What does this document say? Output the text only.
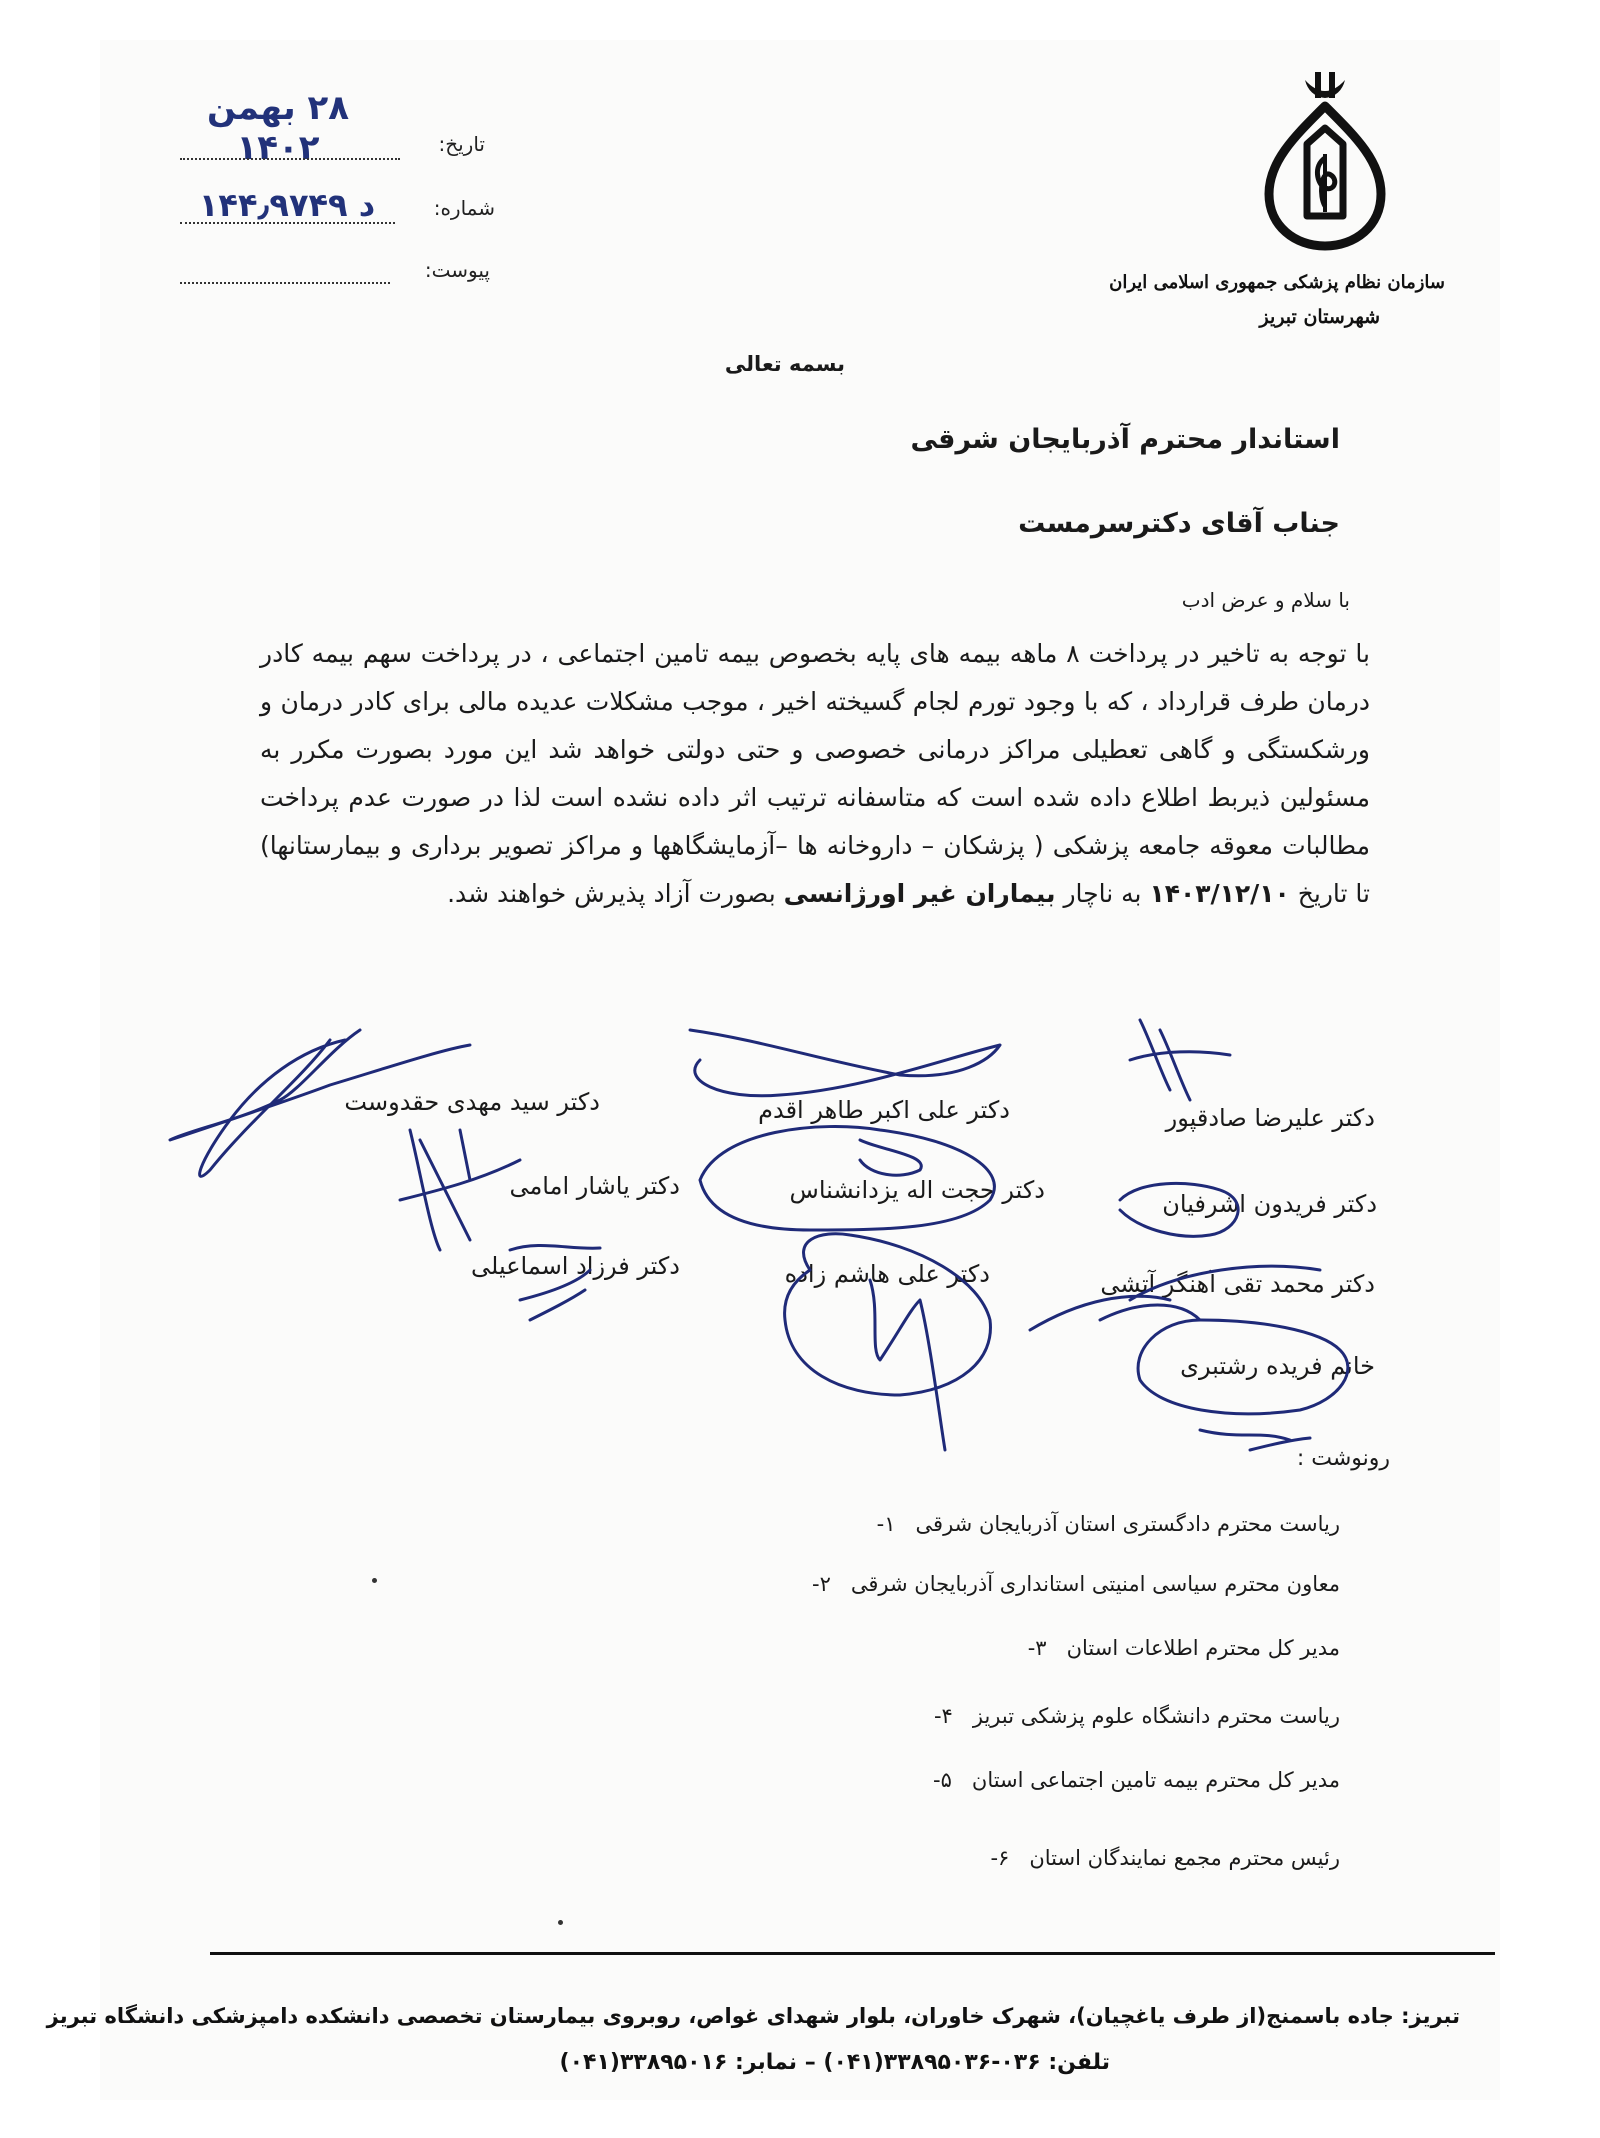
۲۸ بهمن ۱۴۰۲	تاریخ:
د ۱۴۴٫۹۷۴۹	شماره:
پیوست:
سازمان نظام پزشکی جمهوری اسلامی ایران
شهرستان تبریز
بسمه تعالی
استاندار محترم آذربایجان شرقی
جناب آقای دکترسرمست
با سلام و عرض ادب
با توجه به تاخیر در پرداخت ۸ ماهه بیمه های پایه بخصوص بیمه تامین اجتماعی ، در پرداخت سهم بیمه کادر درمان طرف قرارداد ، که با وجود تورم لجام گسیخته اخیر ، موجب مشکلات عدیده مالی برای کادر درمان و ورشکستگی و گاهی تعطیلی مراکز درمانی خصوصی و حتی دولتی خواهد شد این مورد بصورت مکرر به مسئولین ذیربط اطلاع داده شده است که متاسفانه ترتیب اثر داده نشده است لذا در صورت عدم پرداخت مطالبات معوقه جامعه پزشکی ( پزشکان – داروخانه ها –آزمایشگاهها و مراکز تصویر برداری و بیمارستانها) تا تاریخ ۱۴۰۳/۱۲/۱۰ به ناچار بیماران غیر اورژانسی بصورت آزاد پذیرش خواهند شد.
دکتر علیرضا صادقپور
دکتر فریدون اشرفیان
دکتر محمد تقی آهنگر آتشی
خانم فریده رشتبری
دکتر علی اکبر طاهر اقدم
دکتر حجت اله یزدانشناس
دکتر علی هاشم زاده
دکتر سید مهدی حقدوست
دکتر یاشار امامی
دکتر فرزاد اسماعیلی
رونوشت :
ریاست محترم دادگستری استان آذربایجان شرقی   ۱-
معاون محترم سیاسی امنیتی استانداری آذربایجان شرقی   ۲-
مدیر کل محترم اطلاعات استان   ۳-
ریاست محترم دانشگاه علوم پزشکی تبریز   ۴-
مدیر کل محترم بیمه تامین اجتماعی استان   ۵-
رئیس محترم مجمع نمایندگان استان   ۶-
تبریز: جاده باسمنج(از طرف یاغچیان)، شهرک خاوران، بلوار شهدای غواص، روبروی بیمارستان تخصصی دانشکده دامپزشکی دانشگاه تبریز
تلفن: ۰۳۶-۳۳۸۹۵۰۳۶(۰۴۱) – نمابر: ۳۳۸۹۵۰۱۶(۰۴۱)
